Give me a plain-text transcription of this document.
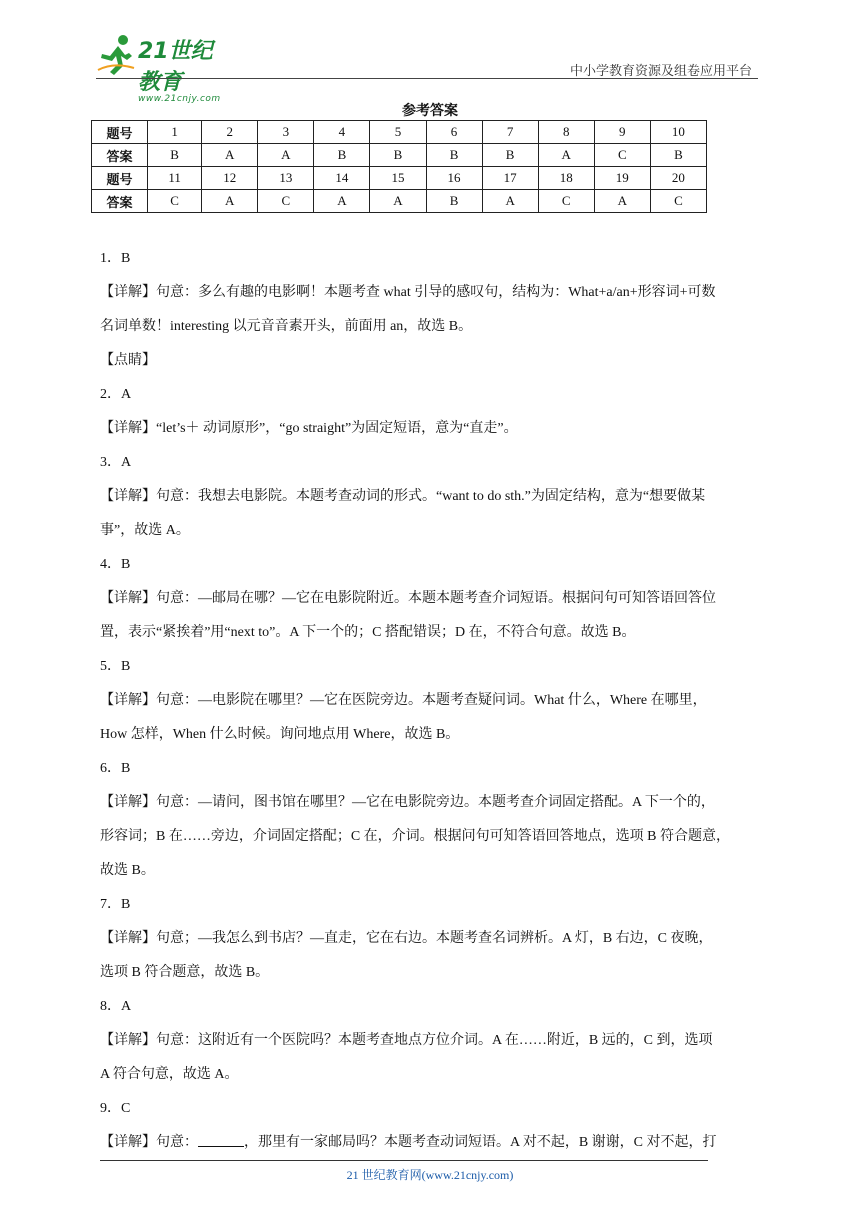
21世纪教育
www.21cnjy.com
中小学教育资源及组卷应用平台
参考答案
题号	1	2	3	4	5	6	7	8	9	10
答案	B	A	A	B	B	B	B	A	C	B
题号	11	12	13	14	15	16	17	18	19	20
答案	C	A	C	A	A	B	A	C	A	C

1．B

【详解】句意：多么有趣的电影啊！本题考查 what 引导的感叹句，结构为：What+a/an+形容词+可数

名词单数！interesting 以元音音素开头，前面用 an，故选 B。

【点睛】

2．A

【详解】“let’s＋ 动词原形”，“go straight”为固定短语，意为“直走”。

3．A

【详解】句意：我想去电影院。本题考查动词的形式。“want to do sth.”为固定结构，意为“想要做某

事”，故选 A。

4．B

【详解】句意：—邮局在哪？—它在电影院附近。本题本题考查介词短语。根据问句可知答语回答位

置，表示“紧挨着”用“next to”。A 下一个的；C 搭配错误；D 在，不符合句意。故选 B。

5．B

【详解】句意：—电影院在哪里？—它在医院旁边。本题考查疑问词。What 什么，Where 在哪里，

How 怎样，When 什么时候。询问地点用 Where，故选 B。

6．B

【详解】句意：—请问，图书馆在哪里？—它在电影院旁边。本题考查介词固定搭配。A 下一个的，

形容词；B 在……旁边，介词固定搭配；C 在，介词。根据问句可知答语回答地点，选项 B 符合题意，

故选 B。

7．B

【详解】句意；—我怎么到书店？—直走，它在右边。本题考查名词辨析。A 灯，B 右边，C 夜晚，

选项 B 符合题意，故选 B。

8．A

【详解】句意：这附近有一个医院吗？本题考查地点方位介词。A 在……附近，B 远的，C 到，选项

A 符合句意，故选 A。

9．C

【详解】句意：	，那里有一家邮局吗？本题考查动词短语。A 对不起，B 谢谢，C 对不起，打

21 世纪教育网(www.21cnjy.com)
